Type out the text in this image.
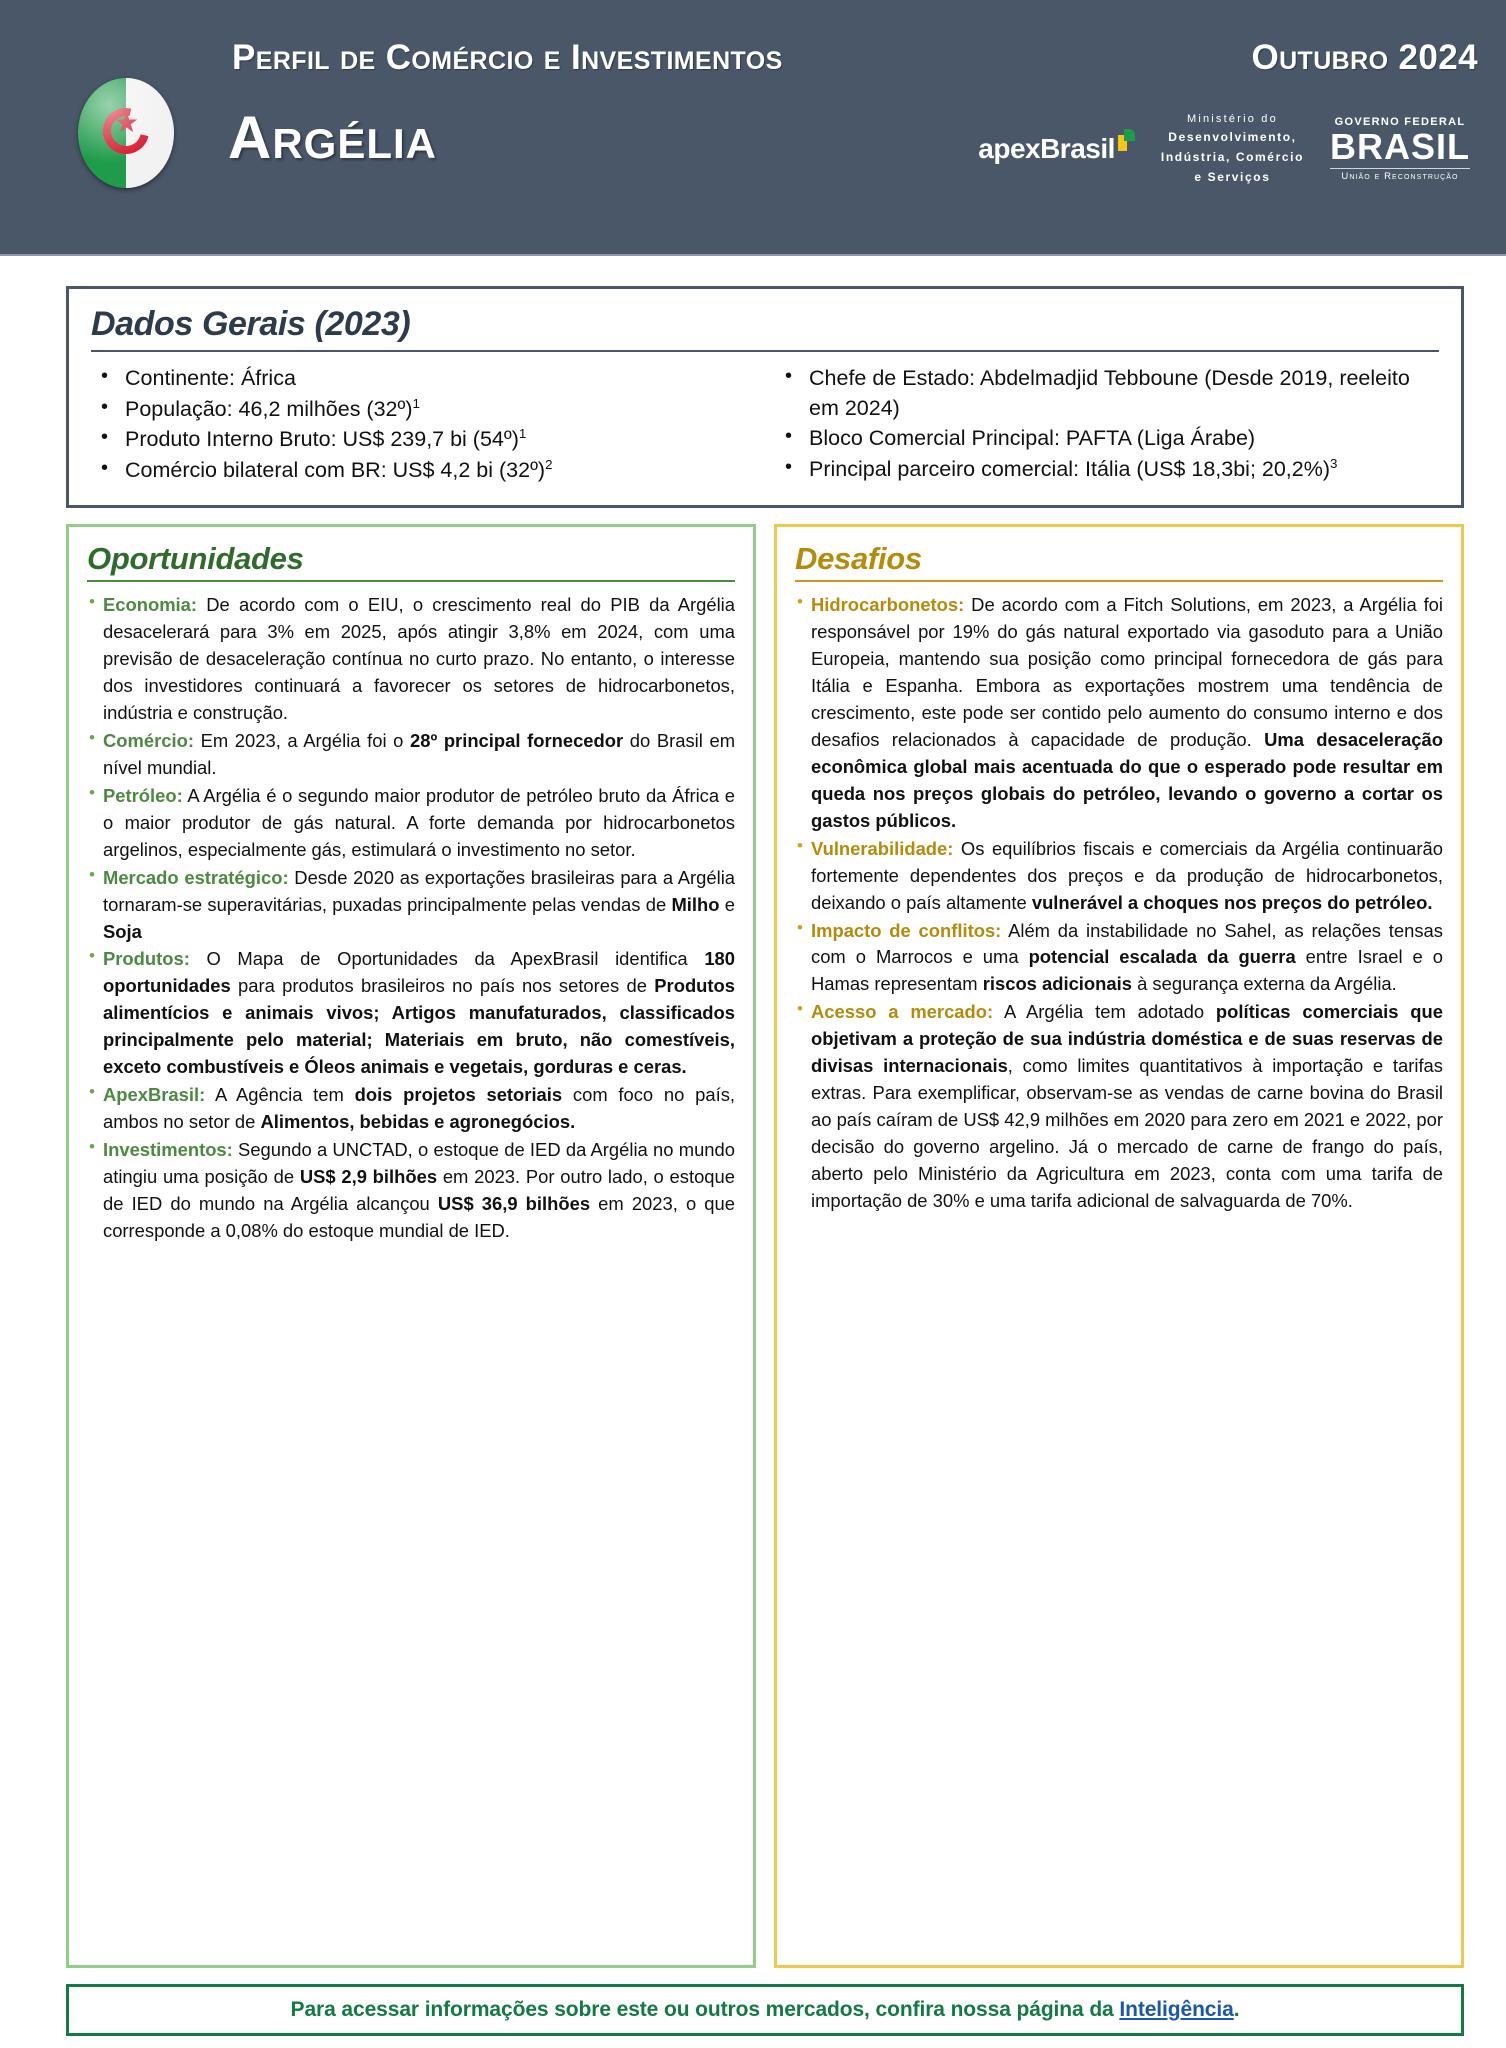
Perfil de Comércio e Investimentos	Outubro 2024
Argélia	apexBrasil
Ministério do
Desenvolvimento,
Indústria, Comércio
e Serviços
GOVERNO FEDERAL
BRASIL
União e Reconstrução
Dados Gerais (2023)
• Continente: África
• População: 46,2 milhões (32º)$^1$
• Produto Interno Bruto: US$ 239,7 bi (54º)$^1$
• Comércio bilateral com BR: US$ 4,2 bi (32º)$^2$
• Chefe de Estado: Abdelmadjid Tebboune (Desde 2019, reeleito em 2024)
• Bloco Comercial Principal: PAFTA (Liga Árabe)
• Principal parceiro comercial: Itália (US$ 18,3bi; 20,2%)$^3$
Oportunidades
• Economia: De acordo com o EIU, o crescimento real do PIB da Argélia desacelerará para 3% em 2025, após atingir 3,8% em 2024, com uma previsão de desaceleração contínua no curto prazo. No entanto, o interesse dos investidores continuará a favorecer os setores de hidrocarbonetos, indústria e construção.
• Comércio: Em 2023, a Argélia foi o 28º principal fornecedor do Brasil em nível mundial.
• Petróleo: A Argélia é o segundo maior produtor de petróleo bruto da África e o maior produtor de gás natural. A forte demanda por hidrocarbonetos argelinos, especialmente gás, estimulará o investimento no setor.
• Mercado estratégico: Desde 2020 as exportações brasileiras para a Argélia tornaram-se superavitárias, puxadas principalmente pelas vendas de Milho e Soja
• Produtos: O Mapa de Oportunidades da ApexBrasil identifica 180 oportunidades para produtos brasileiros no país nos setores de Produtos alimentícios e animais vivos; Artigos manufaturados, classificados principalmente pelo material; Materiais em bruto, não comestíveis, exceto combustíveis e Óleos animais e vegetais, gorduras e ceras.
• ApexBrasil: A Agência tem dois projetos setoriais com foco no país, ambos no setor de Alimentos, bebidas e agronegócios.
• Investimentos: Segundo a UNCTAD, o estoque de IED da Argélia no mundo atingiu uma posição de US$ 2,9 bilhões em 2023. Por outro lado, o estoque de IED do mundo na Argélia alcançou US$ 36,9 bilhões em 2023, o que corresponde a 0,08% do estoque mundial de IED.
Desafios
• Hidrocarbonetos: De acordo com a Fitch Solutions, em 2023, a Argélia foi responsável por 19% do gás natural exportado via gasoduto para a União Europeia, mantendo sua posição como principal fornecedora de gás para Itália e Espanha. Embora as exportações mostrem uma tendência de crescimento, este pode ser contido pelo aumento do consumo interno e dos desafios relacionados à capacidade de produção. Uma desaceleração econômica global mais acentuada do que o esperado pode resultar em queda nos preços globais do petróleo, levando o governo a cortar os gastos públicos.
• Vulnerabilidade: Os equilíbrios fiscais e comerciais da Argélia continuarão fortemente dependentes dos preços e da produção de hidrocarbonetos, deixando o país altamente vulnerável a choques nos preços do petróleo.
• Impacto de conflitos: Além da instabilidade no Sahel, as relações tensas com o Marrocos e uma potencial escalada da guerra entre Israel e o Hamas representam riscos adicionais à segurança externa da Argélia.
• Acesso a mercado: A Argélia tem adotado políticas comerciais que objetivam a proteção de sua indústria doméstica e de suas reservas de divisas internacionais, como limites quantitativos à importação e tarifas extras. Para exemplificar, observam-se as vendas de carne bovina do Brasil ao país caíram de US$ 42,9 milhões em 2020 para zero em 2021 e 2022, por decisão do governo argelino. Já o mercado de carne de frango do país, aberto pelo Ministério da Agricultura em 2023, conta com uma tarifa de importação de 30% e uma tarifa adicional de salvaguarda de 70%.
Para acessar informações sobre este ou outros mercados, confira nossa página da Inteligência.
